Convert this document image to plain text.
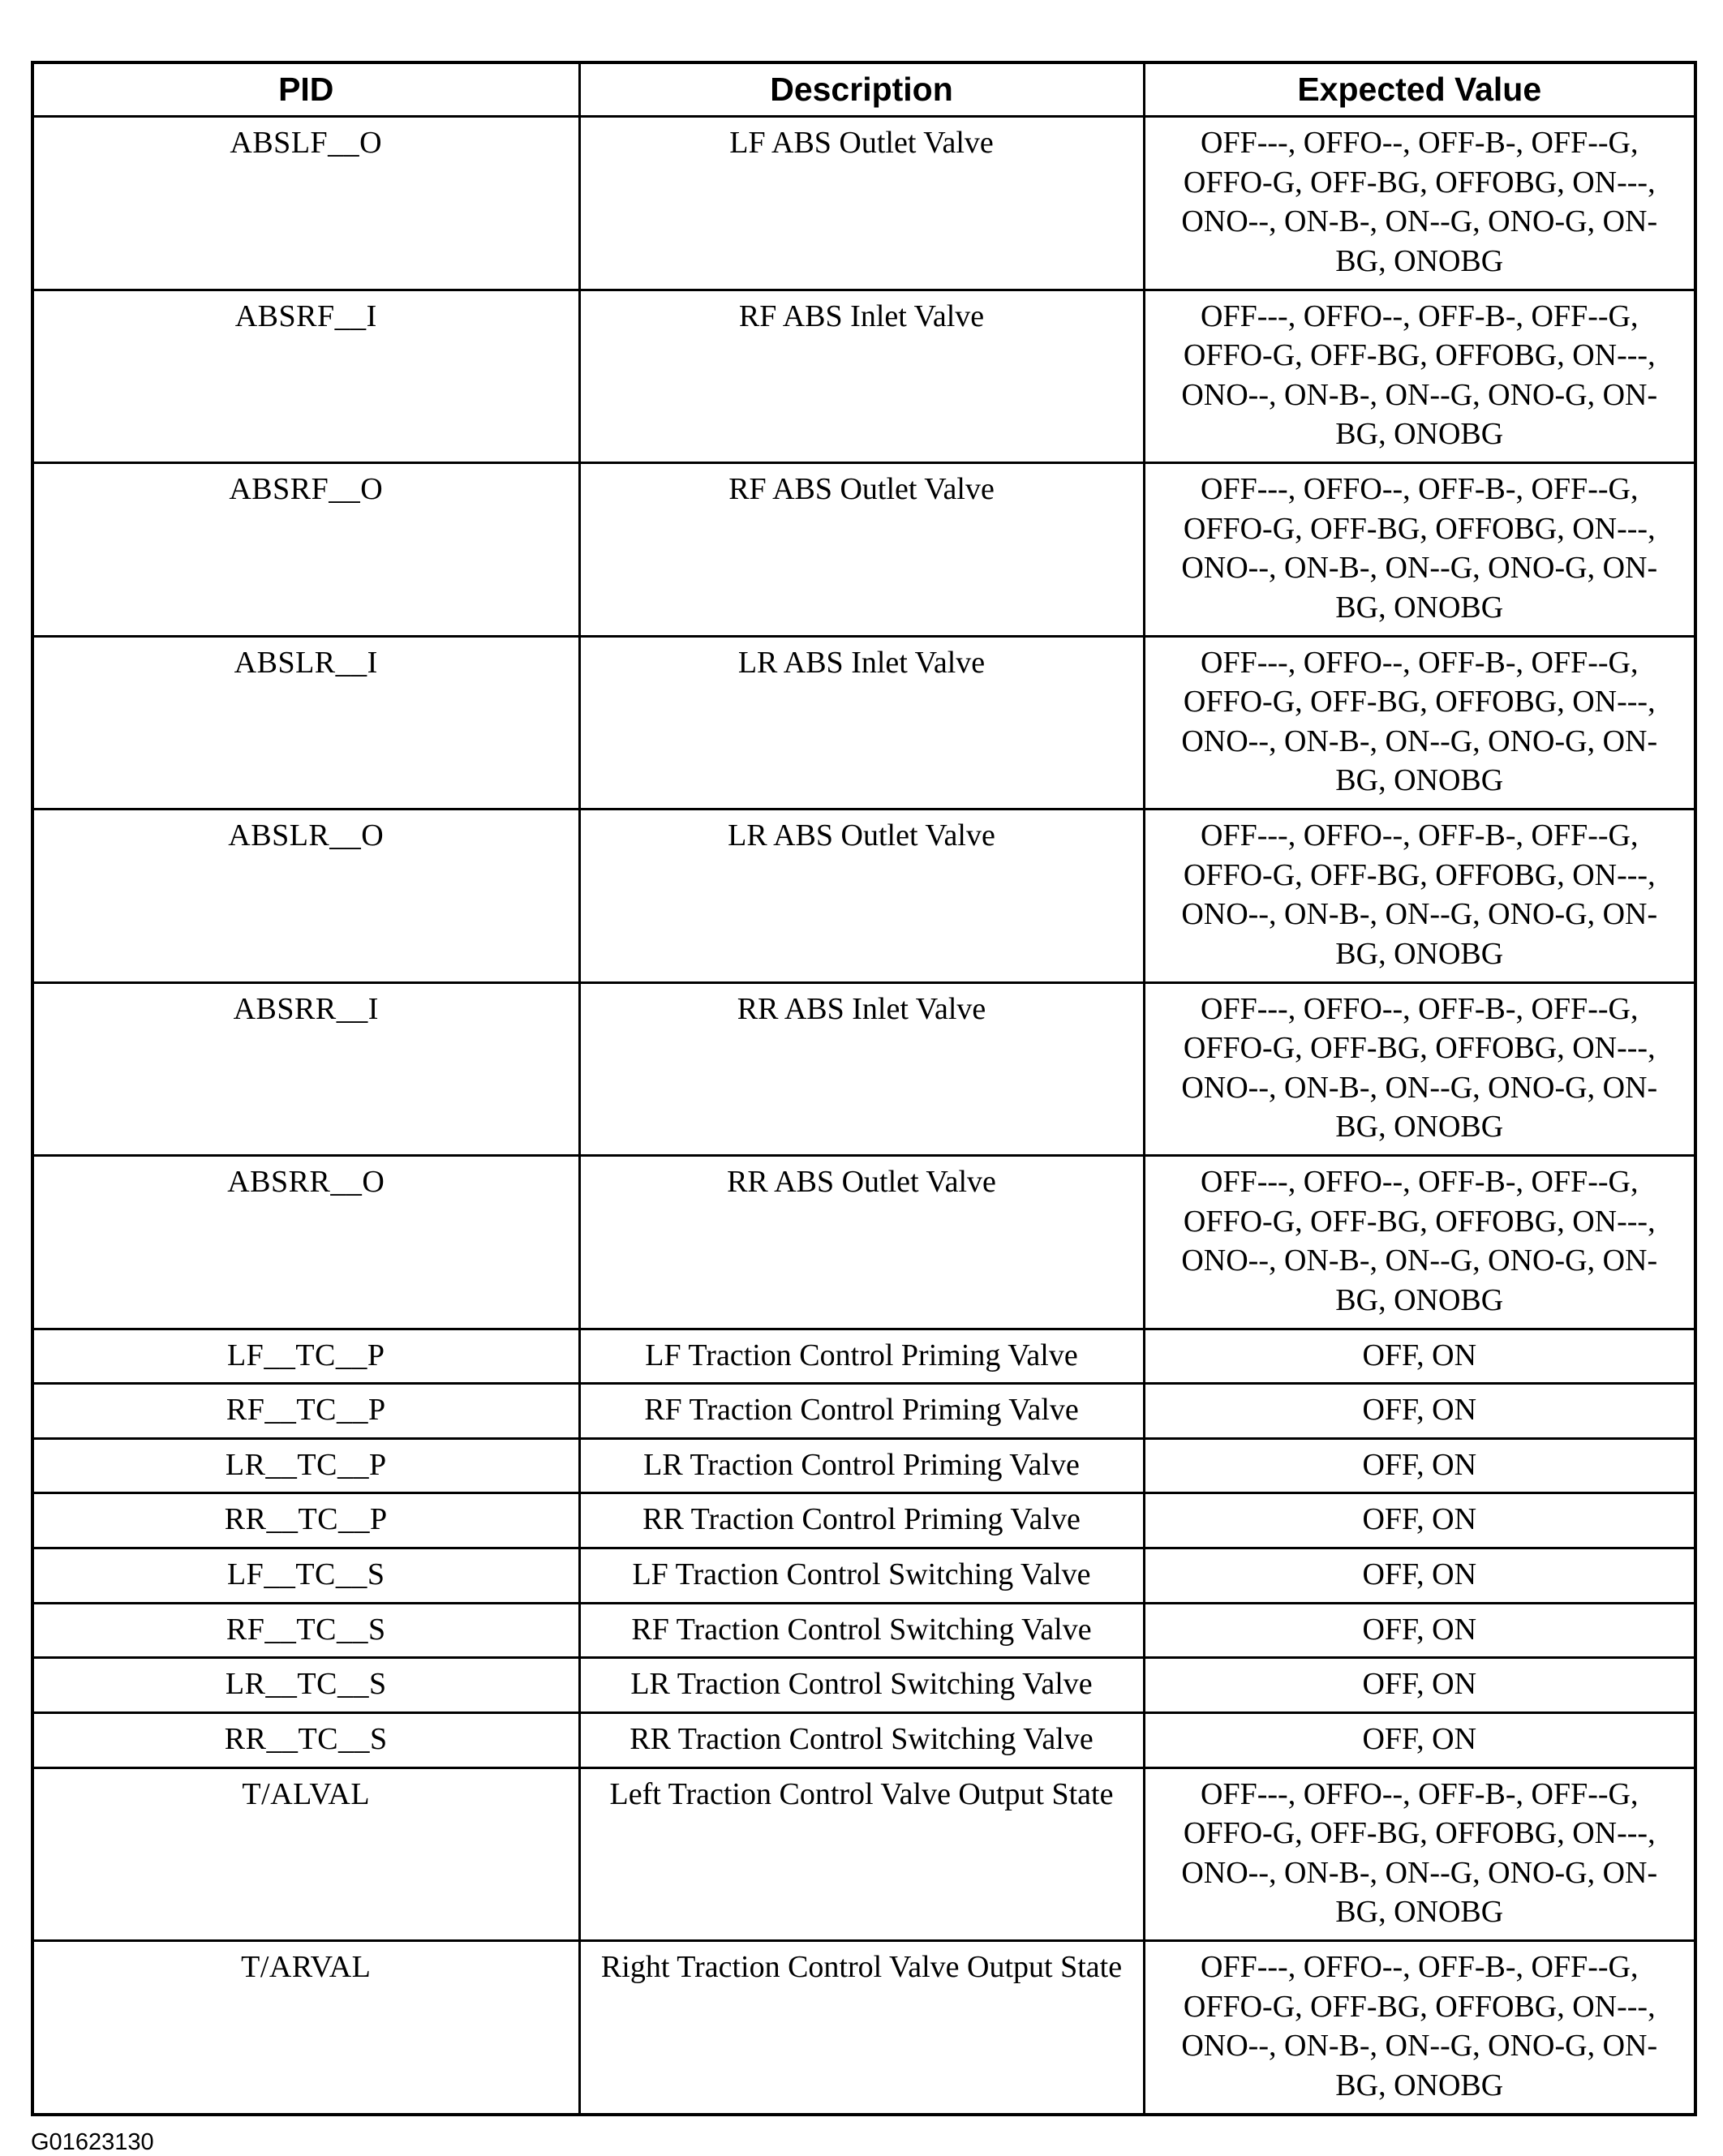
PID	Description	Expected Value
ABSLF__O	LF ABS Outlet Valve	OFF---, OFFO--, OFF-B-, OFF--G, OFFO-G, OFF-BG, OFFOBG, ON---, ONO--, ON-B-, ON--G, ONO-G, ON-BG, ONOBG
ABSRF__I	RF ABS Inlet Valve	OFF---, OFFO--, OFF-B-, OFF--G, OFFO-G, OFF-BG, OFFOBG, ON---, ONO--, ON-B-, ON--G, ONO-G, ON-BG, ONOBG
ABSRF__O	RF ABS Outlet Valve	OFF---, OFFO--, OFF-B-, OFF--G, OFFO-G, OFF-BG, OFFOBG, ON---, ONO--, ON-B-, ON--G, ONO-G, ON-BG, ONOBG
ABSLR__I	LR ABS Inlet Valve	OFF---, OFFO--, OFF-B-, OFF--G, OFFO-G, OFF-BG, OFFOBG, ON---, ONO--, ON-B-, ON--G, ONO-G, ON-BG, ONOBG
ABSLR__O	LR ABS Outlet Valve	OFF---, OFFO--, OFF-B-, OFF--G, OFFO-G, OFF-BG, OFFOBG, ON---, ONO--, ON-B-, ON--G, ONO-G, ON-BG, ONOBG
ABSRR__I	RR ABS Inlet Valve	OFF---, OFFO--, OFF-B-, OFF--G, OFFO-G, OFF-BG, OFFOBG, ON---, ONO--, ON-B-, ON--G, ONO-G, ON-BG, ONOBG
ABSRR__O	RR ABS Outlet Valve	OFF---, OFFO--, OFF-B-, OFF--G, OFFO-G, OFF-BG, OFFOBG, ON---, ONO--, ON-B-, ON--G, ONO-G, ON-BG, ONOBG
LF__TC__P	LF Traction Control Priming Valve	OFF, ON
RF__TC__P	RF Traction Control Priming Valve	OFF, ON
LR__TC__P	LR Traction Control Priming Valve	OFF, ON
RR__TC__P	RR Traction Control Priming Valve	OFF, ON
LF__TC__S	LF Traction Control Switching Valve	OFF, ON
RF__TC__S	RF Traction Control Switching Valve	OFF, ON
LR__TC__S	LR Traction Control Switching Valve	OFF, ON
RR__TC__S	RR Traction Control Switching Valve	OFF, ON
T/ALVAL	Left Traction Control Valve Output State	OFF---, OFFO--, OFF-B-, OFF--G, OFFO-G, OFF-BG, OFFOBG, ON---, ONO--, ON-B-, ON--G, ONO-G, ON-BG, ONOBG
T/ARVAL	Right Traction Control Valve Output State	OFF---, OFFO--, OFF-B-, OFF--G, OFFO-G, OFF-BG, OFFOBG, ON---, ONO--, ON-B-, ON--G, ONO-G, ON-BG, ONOBG
G01623130
